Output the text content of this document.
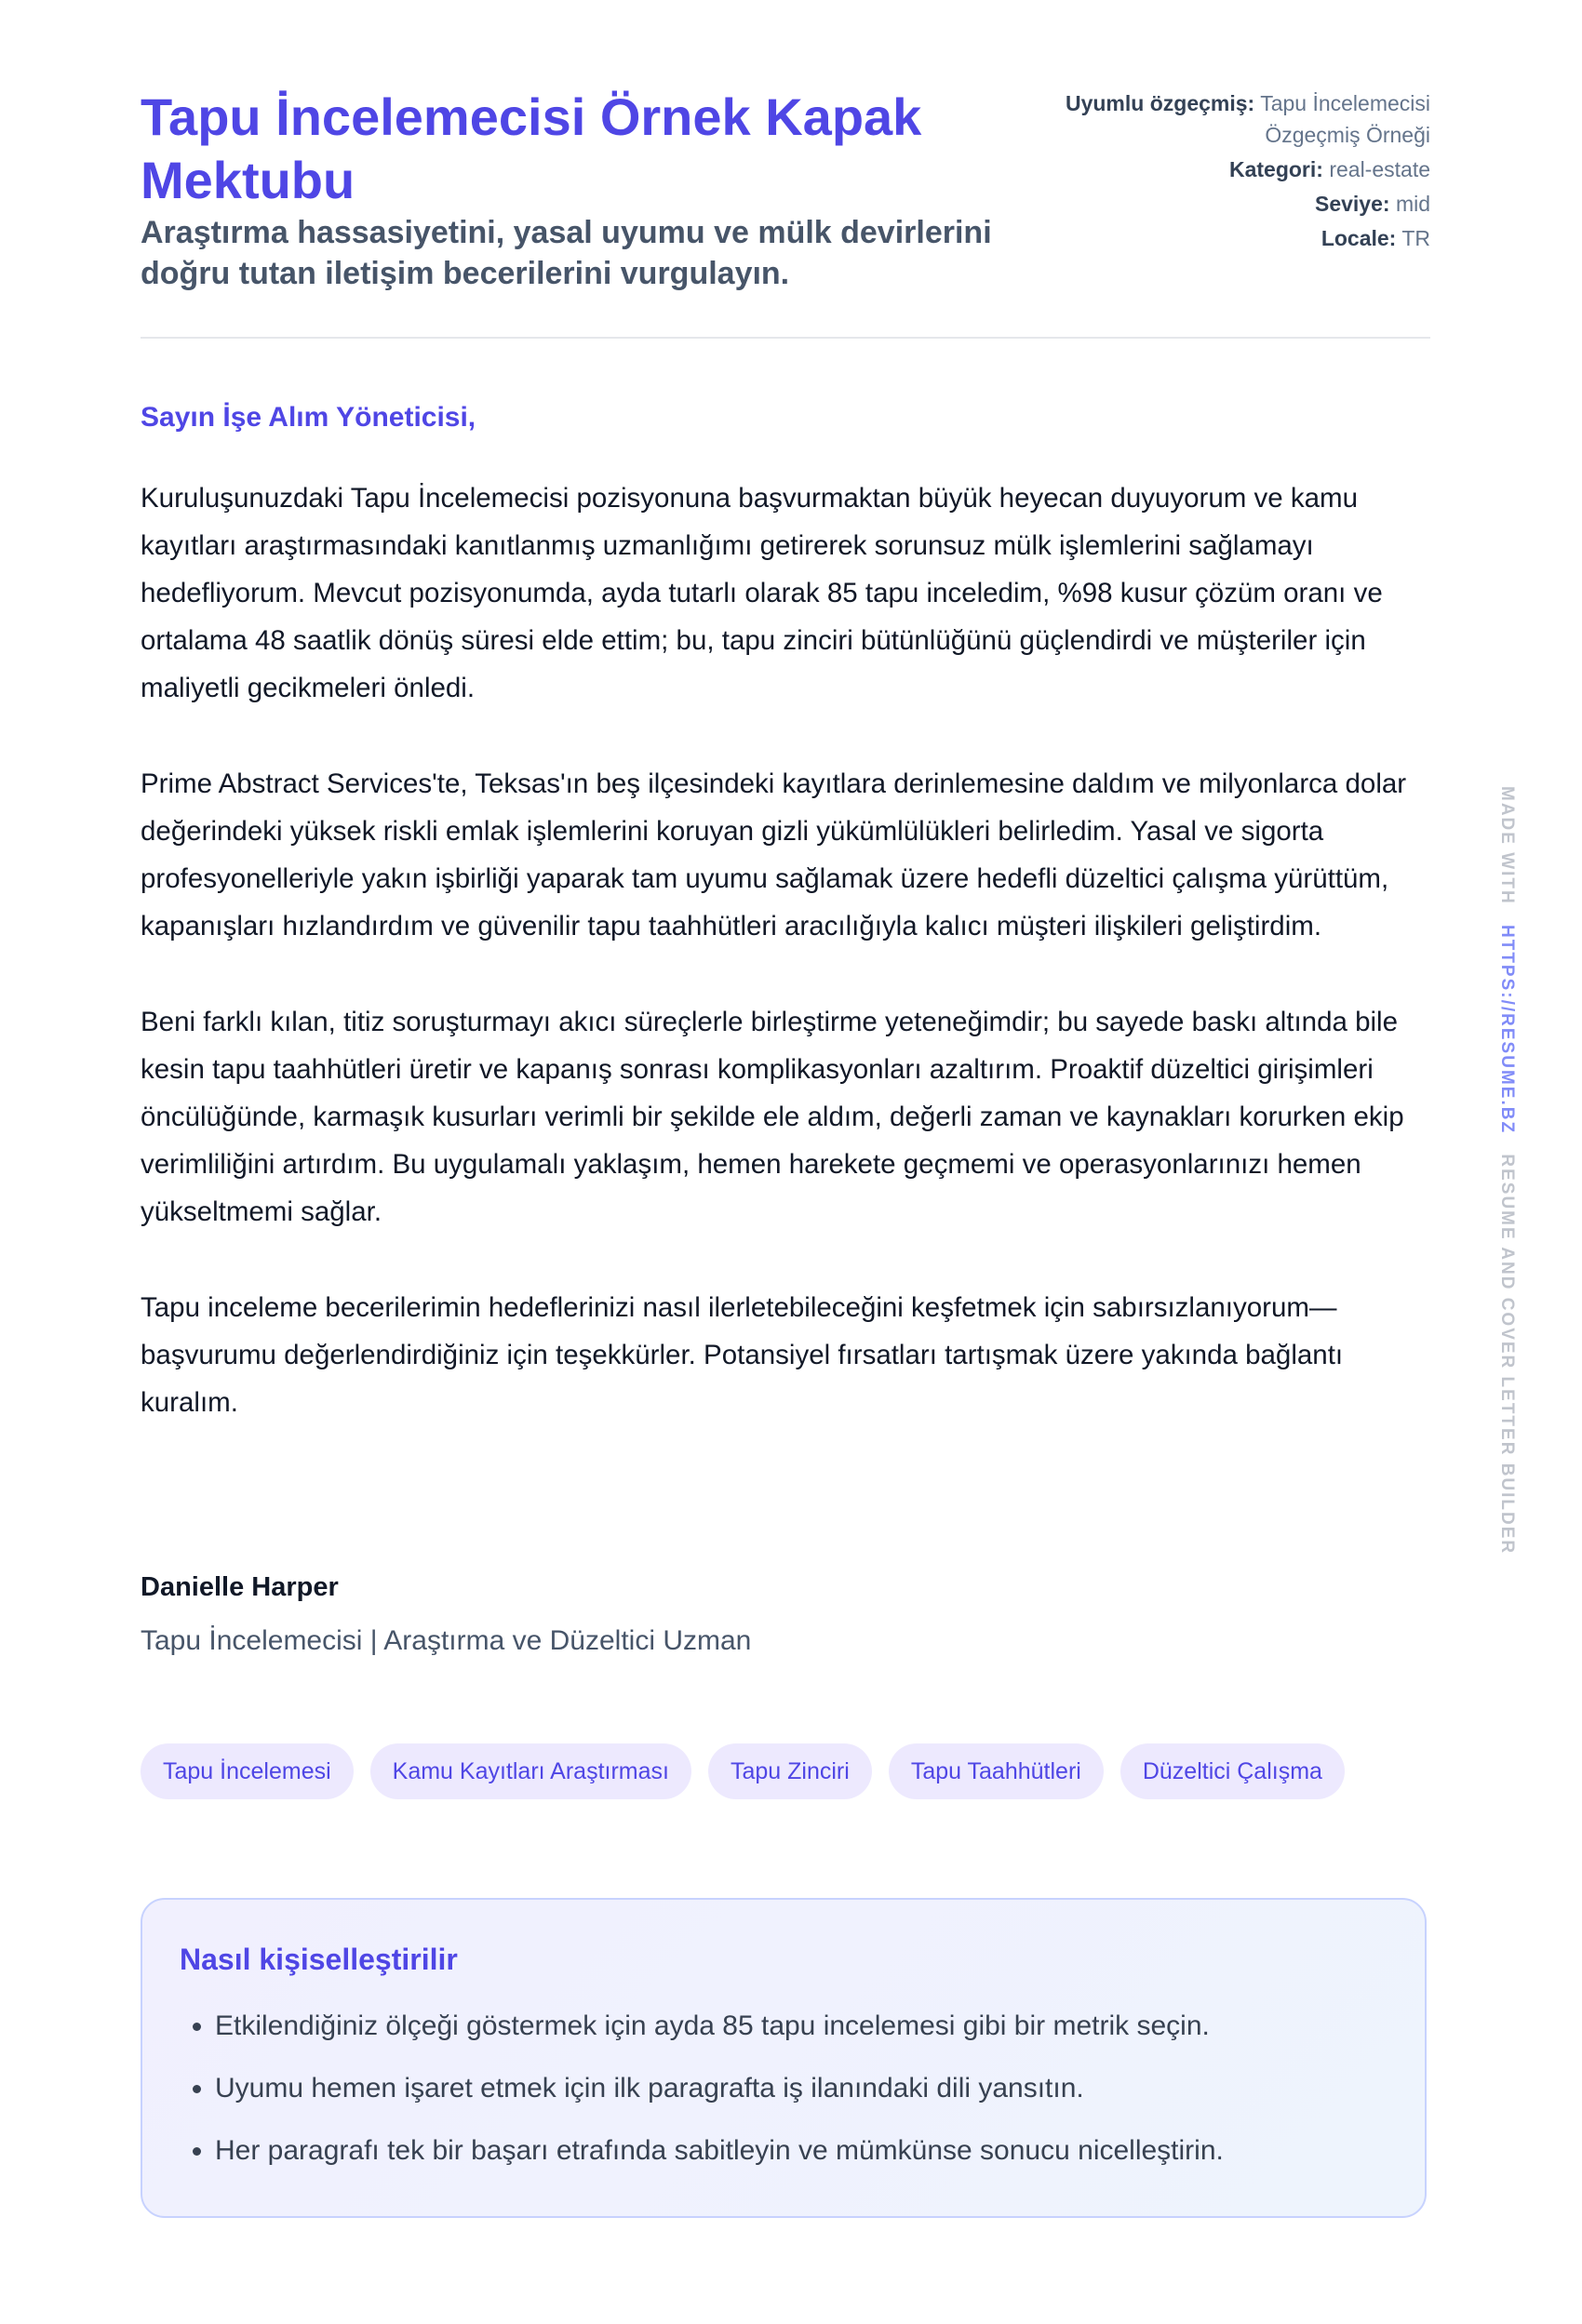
Tapu İncelemecisi Örnek Kapak Mektubu

Araştırma hassasiyetini, yasal uyumu ve mülk devirlerini doğru tutan iletişim becerilerini vurgulayın.

Uyumlu özgeçmiş: Tapu İncelemecisi Özgeçmiş Örneği
Kategori: real-estate
Seviye: mid
Locale: TR

Sayın İşe Alım Yöneticisi,

Kuruluşunuzdaki Tapu İncelemecisi pozisyonuna başvurmaktan büyük heyecan duyuyorum ve kamu kayıtları araştırmasındaki kanıtlanmış uzmanlığımı getirerek sorunsuz mülk işlemlerini sağlamayı hedefliyorum. Mevcut pozisyonumda, ayda tutarlı olarak 85 tapu inceledim, %98 kusur çözüm oranı ve ortalama 48 saatlik dönüş süresi elde ettim; bu, tapu zinciri bütünlüğünü güçlendirdi ve müşteriler için maliyetli gecikmeleri önledi.

Prime Abstract Services'te, Teksas'ın beş ilçesindeki kayıtlara derinlemesine daldım ve milyonlarca dolar değerindeki yüksek riskli emlak işlemlerini koruyan gizli yükümlülükleri belirledim. Yasal ve sigorta profesyonelleriyle yakın işbirliği yaparak tam uyumu sağlamak üzere hedefli düzeltici çalışma yürüttüm, kapanışları hızlandırdım ve güvenilir tapu taahhütleri aracılığıyla kalıcı müşteri ilişkileri geliştirdim.

Beni farklı kılan, titiz soruşturmayı akıcı süreçlerle birleştirme yeteneğimdir; bu sayede baskı altında bile kesin tapu taahhütleri üretir ve kapanış sonrası komplikasyonları azaltırım. Proaktif düzeltici girişimleri öncülüğünde, karmaşık kusurları verimli bir şekilde ele aldım, değerli zaman ve kaynakları korurken ekip verimliliğini artırdım. Bu uygulamalı yaklaşım, hemen harekete geçmemi ve operasyonlarınızı hemen yükseltmemi sağlar.

Tapu inceleme becerilerimin hedeflerinizi nasıl ilerletebileceğini keşfetmek için sabırsızlanıyorum—başvurumu değerlendirdiğiniz için teşekkürler. Potansiyel fırsatları tartışmak üzere yakında bağlantı kuralım.

Danielle Harper

Tapu İncelemecisi | Araştırma ve Düzeltici Uzman

Tapu İncelemesi	Kamu Kayıtları Araştırması	Tapu Zinciri	Tapu Taahhütleri	Düzeltici Çalışma
Nasıl kişiselleştirilir
• Etkilendiğiniz ölçeği göstermek için ayda 85 tapu incelemesi gibi bir metrik seçin.
• Uyumu hemen işaret etmek için ilk paragrafta iş ilanındaki dili yansıtın.
• Her paragrafı tek bir başarı etrafında sabitleyin ve mümkünse sonucu nicelleştirin.
MADE WITH HTTPS://RESUME.BZ RESUME AND COVER LETTER BUILDER
